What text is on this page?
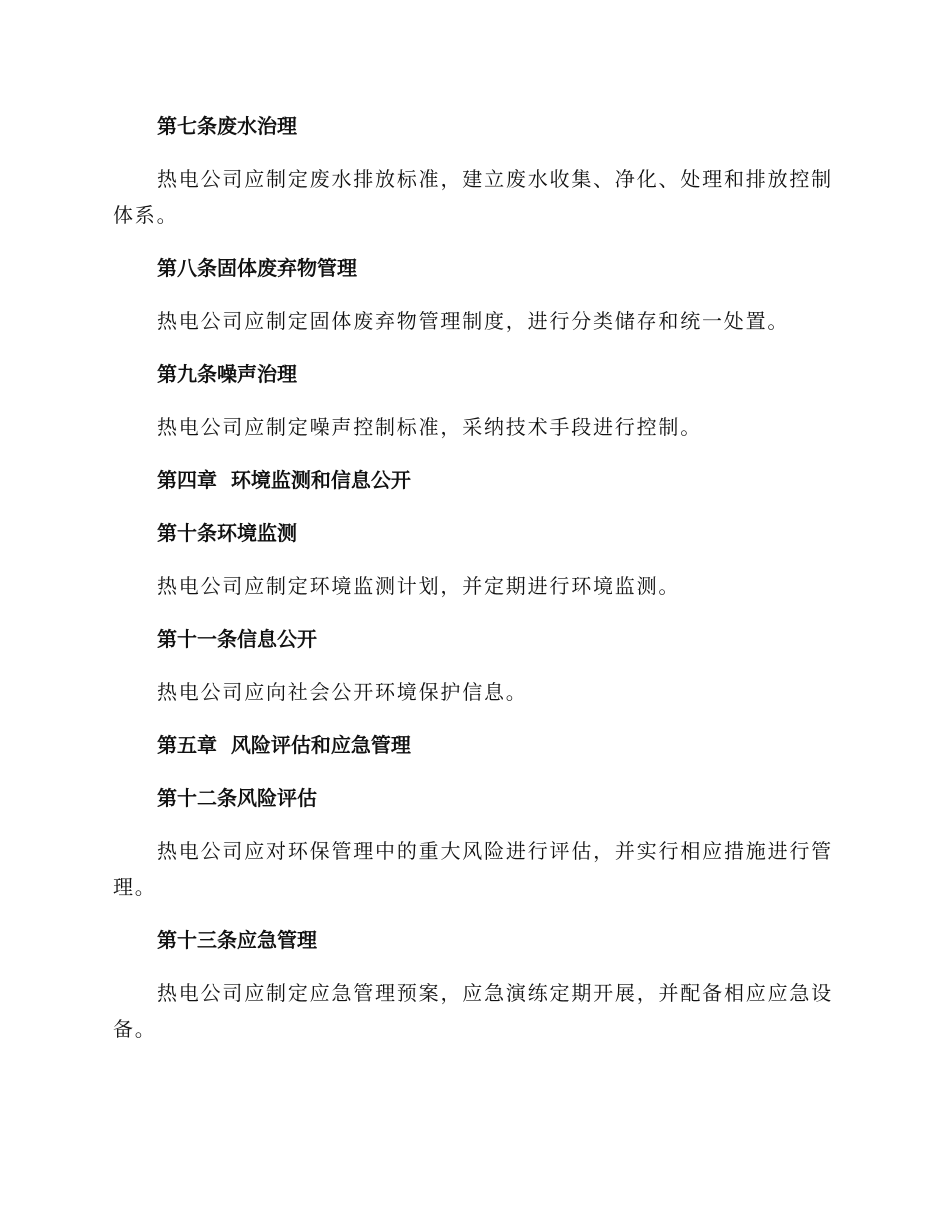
第七条废水治理
热电公司应制定废水排放标准，建立废水收集、净化、处理和排放控制体系。
第八条固体废弃物管理
热电公司应制定固体废弃物管理制度，进行分类储存和统一处置。
第九条噪声治理
热电公司应制定噪声控制标准，采纳技术手段进行控制。
第四章  环境监测和信息公开
第十条环境监测
热电公司应制定环境监测计划，并定期进行环境监测。
第十一条信息公开
热电公司应向社会公开环境保护信息。
第五章  风险评估和应急管理
第十二条风险评估
热电公司应对环保管理中的重大风险进行评估，并实行相应措施进行管理。
第十三条应急管理
热电公司应制定应急管理预案，应急演练定期开展，并配备相应应急设备。
